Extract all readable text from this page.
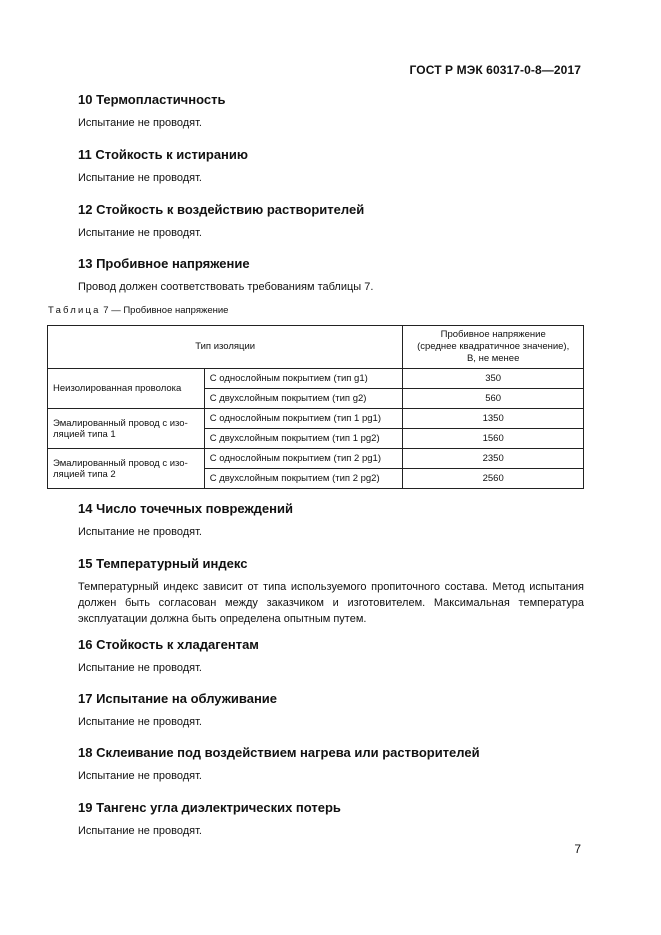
ГОСТ Р МЭК 60317-0-8—2017
10 Термопластичность

Испытание не проводят.

11 Стойкость к истиранию

Испытание не проводят.

12 Стойкость к воздействию растворителей

Испытание не проводят.

13 Пробивное напряжение

Провод должен соответствовать требованиям таблицы 7.

Таблица 7 — Пробивное напряжение
Тип изоляции		Пробивное напряжение
(среднее квадратичное значение),
В, не менее

Неизолированная проволока	С однослойным покрытием (тип g1)	350
	С двухслойным покрытием (тип g2)	560
Эмалированный провод с изо-
ляцией типа 1	С однослойным покрытием (тип 1 pg1)	1350
	С двухслойным покрытием (тип 1 pg2)	1560
Эмалированный провод с изо-
ляцией типа 2	С однослойным покрытием (тип 2 pg1)	2350
	С двухслойным покрытием (тип 2 pg2)	2560
14 Число точечных повреждений

Испытание не проводят.

15 Температурный индекс

Температурный индекс зависит от типа используемого пропиточного состава. Метод испытания должен быть согласован между заказчиком и изготовителем. Максимальная температура эксплуатации должна быть определена опытным путем.

16 Стойкость к хладагентам

Испытание не проводят.

17 Испытание на облуживание

Испытание не проводят.

18 Склеивание под воздействием нагрева или растворителей

Испытание не проводят.

19 Тангенс угла диэлектрических потерь

Испытание не проводят.

7
